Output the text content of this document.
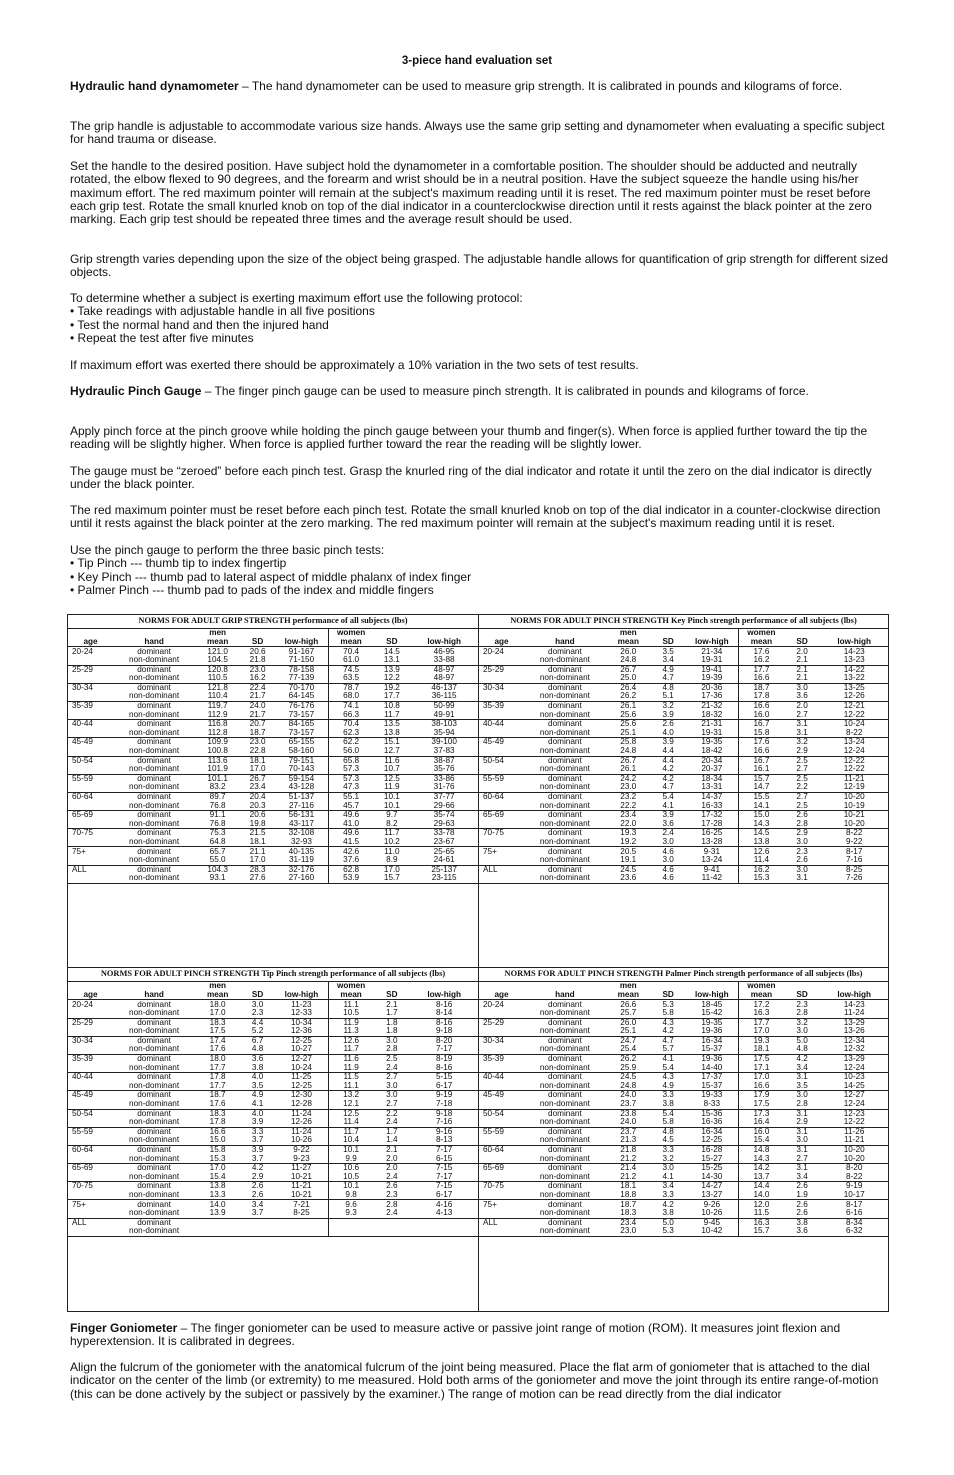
3-piece hand evaluation set

Hydraulic hand dynamometer – The hand dynamometer can be used to measure grip strength. It is calibrated in pounds and kilograms of force.

The grip handle is adjustable to accommodate various size hands. Always use the same grip setting and dynamometer when evaluating a specific subject for hand trauma or disease.

Set the handle to the desired position. Have subject hold the dynamometer in a comfortable position. The shoulder should be adducted and neutrally rotated, the elbow flexed to 90 degrees, and the forearm and wrist should be in a neutral position. Have the subject squeeze the handle using his/her maximum effort. The red maximum pointer will remain at the subject's maximum reading until it is reset. The red maximum pointer must be reset before each grip test. Rotate the small knurled knob on top of the dial indicator in a counterclockwise direction until it rests against the black pointer at the zero marking. Each grip test should be repeated three times and the average result should be used.

Grip strength varies depending upon the size of the object being grasped. The adjustable handle allows for quantification of grip strength for different sized objects.

To determine whether a subject is exerting maximum effort use the following protocol:
• Take readings with adjustable handle in all five positions
• Test the normal hand and then the injured hand
• Repeat the test after five minutes

If maximum effort was exerted there should be approximately a 10% variation in the two sets of test results.

Hydraulic Pinch Gauge – The finger pinch gauge can be used to measure pinch strength. It is calibrated in pounds and kilograms of force.

Apply pinch force at the pinch groove while holding the pinch gauge between your thumb and finger(s). When force is applied further toward the tip the reading will be slightly higher. When force is applied further toward the rear the reading will be slightly lower.

The gauge must be “zeroed” before each pinch test. Grasp the knurled ring of the dial indicator and rotate it until the zero on the dial indicator is directly under the black pointer.

The red maximum pointer must be reset before each pinch test. Rotate the small knurled knob on top of the dial indicator in a counter-clockwise direction until it rests against the black pointer at the zero marking. The red maximum pointer will remain at the subject's maximum reading until it is reset.

Use the pinch gauge to perform the three basic pinch tests:
• Tip Pinch --- thumb tip to index fingertip
• Key Pinch --- thumb pad to lateral aspect of middle phalanx of index finger
• Palmer Pinch --- thumb pad to pads of the index and middle fingers
NORMS FOR ADULT GRIP STRENGTH performance of all subjects (lbs)							
		men			women		
age	hand	mean	SD	low-high	mean	SD	low-high
20-24	dominant	121.0	20.6	91-167	70.4	14.5	46-95
	non-dominant	104.5	21.8	71-150	61.0	13.1	33-88
25-29	dominant	120.8	23.0	78-158	74.5	13.9	48-97
	non-dominant	110.5	16.2	77-139	63.5	12.2	48-97
30-34	dominant	121.8	22.4	70-170	78.7	19.2	46-137
	non-dominant	110.4	21.7	64-145	68.0	17.7	36-115
35-39	dominant	119.7	24.0	76-176	74.1	10.8	50-99
	non-dominant	112.9	21.7	73-157	66.3	11.7	49-91
40-44	dominant	116.8	20.7	84-165	70.4	13.5	38-103
	non-dominant	112.8	18.7	73-157	62.3	13.8	35-94
45-49	dominant	109.9	23.0	65-155	62.2	15.1	39-100
	non-dominant	100.8	22.8	58-160	56.0	12.7	37-83
50-54	dominant	113.6	18.1	79-151	65.8	11.6	38-87
	non-dominant	101.9	17.0	70-143	57.3	10.7	35-76
55-59	dominant	101.1	26.7	59-154	57.3	12.5	33-86
	non-dominant	83.2	23.4	43-128	47.3	11.9	31-76
60-64	dominant	89.7	20.4	51-137	55.1	10.1	37-77
	non-dominant	76.8	20.3	27-116	45.7	10.1	29-66
65-69	dominant	91.1	20.6	56-131	49.6	9.7	35-74
	non-dominant	76.8	19.8	43-117	41.0	8.2	29-63
70-75	dominant	75.3	21.5	32-108	49.6	11.7	33-78
	non-dominant	64.8	18.1	32-93	41.5	10.2	23-67
75+	dominant	65.7	21.1	40-135	42.6	11.0	25-65
	non-dominant	55.0	17.0	31-119	37.6	8.9	24-61
ALL	dominant	104.3	28.3	32-176	62.8	17.0	25-137
	non-dominant	93.1	27.6	27-160	53.9	15.7	23-115
NORMS FOR ADULT PINCH STRENGTH Key Pinch strength performance of all subjects (lbs)							
		men			women		
age	hand	mean	SD	low-high	mean	SD	low-high
20-24	dominant	26.0	3.5	21-34	17.6	2.0	14-23
	non-dominant	24.8	3.4	19-31	16.2	2.1	13-23
25-29	dominant	26.7	4.9	19-41	17.7	2.1	14-22
	non-dominant	25.0	4.7	19-39	16.6	2.1	13-22
30-34	dominant	26.4	4.8	20-36	18.7	3.0	13-25
	non-dominant	26.2	5.1	17-36	17.8	3.6	12-26
35-39	dominant	26.1	3.2	21-32	16.6	2.0	12-21
	non-dominant	25.6	3.9	18-32	16.0	2.7	12-22
40-44	dominant	25.6	2.6	21-31	16.7	3.1	10-24
	non-dominant	25.1	4.0	19-31	15.8	3.1	8-22
45-49	dominant	25.8	3.9	19-35	17.6	3.2	13-24
	non-dominant	24.8	4.4	18-42	16.6	2.9	12-24
50-54	dominant	26.7	4.4	20-34	16.7	2.5	12-22
	non-dominant	26.1	4.2	20-37	16.1	2.7	12-22
55-59	dominant	24.2	4.2	18-34	15.7	2.5	11-21
	non-dominant	23.0	4.7	13-31	14.7	2.2	12-19
60-64	dominant	23.2	5.4	14-37	15.5	2.7	10-20
	non-dominant	22.2	4.1	16-33	14.1	2.5	10-19
65-69	dominant	23.4	3.9	17-32	15.0	2.6	10-21
	non-dominant	22.0	3.6	17-28	14.3	2.8	10-20
70-75	dominant	19.3	2.4	16-25	14.5	2.9	8-22
	non-dominant	19.2	3.0	13-28	13.8	3.0	9-22
75+	dominant	20.5	4.6	9-31	12.6	2.3	8-17
	non-dominant	19.1	3.0	13-24	11.4	2.6	7-16
ALL	dominant	24.5	4.6	9-41	16.2	3.0	8-25
	non-dominant	23.6	4.6	11-42	15.3	3.1	7-26
NORMS FOR ADULT PINCH STRENGTH Tip Pinch strength performance of all subjects (lbs)							
		men			women		
age	hand	mean	SD	low-high	mean	SD	low-high
20-24	dominant	18.0	3.0	11-23	11.1	2.1	8-16
	non-dominant	17.0	2.3	12-33	10.5	1.7	8-14
25-29	dominant	18.3	4.4	10-34	11.9	1.8	8-16
	non-dominant	17.5	5.2	12-36	11.3	1.8	9-18
30-34	dominant	17.4	6.7	12-25	12.6	3.0	8-20
	non-dominant	17.6	4.8	10-27	11.7	2.8	7-17
35-39	dominant	18.0	3.6	12-27	11.6	2.5	8-19
	non-dominant	17.7	3.8	10-24	11.9	2.4	8-16
40-44	dominant	17.8	4.0	11-25	11.5	2.7	5-15
	non-dominant	17.7	3.5	12-25	11.1	3.0	6-17
45-49	dominant	18.7	4.9	12-30	13.2	3.0	9-19
	non-dominant	17.6	4.1	12-28	12.1	2.7	7-18
50-54	dominant	18.3	4.0	11-24	12.5	2.2	9-18
	non-dominant	17.8	3.9	12-26	11.4	2.4	7-16
55-59	dominant	16.6	3.3	11-24	11.7	1.7	9-16
	non-dominant	15.0	3.7	10-26	10.4	1.4	8-13
60-64	dominant	15.8	3.9	9-22	10.1	2.1	7-17
	non-dominant	15.3	3.7	9-23	9.9	2.0	6-15
65-69	dominant	17.0	4.2	11-27	10.6	2.0	7-15
	non-dominant	15.4	2.9	10-21	10.5	2.4	7-17
70-75	dominant	13.8	2.6	11-21	10.1	2.6	7-15
	non-dominant	13.3	2.6	10-21	9.8	2.3	6-17
75+	dominant	14.0	3.4	7-21	9.6	2.8	4-16
	non-dominant	13.9	3.7	8-25	9.3	2.4	4-13
ALL	dominant						
	non-dominant						
NORMS FOR ADULT PINCH STRENGTH Palmer Pinch strength performance of all subjects (lbs)							
		men			women		
age	hand	mean	SD	low-high	mean	SD	low-high
20-24	dominant	26.6	5.3	18-45	17.2	2.3	14-23
	non-dominant	25.7	5.8	15-42	16.3	2.8	11-24
25-29	dominant	26.0	4.3	19-35	17.7	3.2	13-29
	non-dominant	25.1	4.2	19-36	17.0	3.0	13-26
30-34	dominant	24.7	4.7	16-34	19.3	5.0	12-34
	non-dominant	25.4	5.7	15-37	18.1	4.8	12-32
35-39	dominant	26.2	4.1	19-36	17.5	4.2	13-29
	non-dominant	25.9	5.4	14-40	17.1	3.4	12-24
40-44	dominant	24.5	4.3	17-37	17.0	3.1	10-23
	non-dominant	24.8	4.9	15-37	16.6	3.5	14-25
45-49	dominant	24.0	3.3	19-33	17.9	3.0	12-27
	non-dominant	23.7	3.8	8-33	17.5	2.8	12-24
50-54	dominant	23.8	5.4	15-36	17.3	3.1	12-23
	non-dominant	24.0	5.8	16-36	16.4	2.9	12-22
55-59	dominant	23.7	4.8	16-34	16.0	3.1	11-26
	non-dominant	21.3	4.5	12-25	15.4	3.0	11-21
60-64	dominant	21.8	3.3	16-28	14.8	3.1	10-20
	non-dominant	21.2	3.2	15-27	14.3	2.7	10-20
65-69	dominant	21.4	3.0	15-25	14.2	3.1	8-20
	non-dominant	21.2	4.1	14-30	13.7	3.4	8-22
70-75	dominant	18.1	3.4	14-27	14.4	2.6	9-19
	non-dominant	18.8	3.3	13-27	14.0	1.9	10-17
75+	dominant	18.7	4.2	9-26	12.0	2.6	8-17
	non-dominant	18.3	3.8	10-26	11.5	2.6	6-16
ALL	dominant	23.4	5.0	9-45	16.3	3.8	8-34
	non-dominant	23.0	5.3	10-42	15.7	3.6	6-32

Finger Goniometer – The finger goniometer can be used to measure active or passive joint range of motion (ROM). It measures joint flexion and hyperextension. It is calibrated in degrees.

Align the fulcrum of the goniometer with the anatomical fulcrum of the joint being measured. Place the flat arm of goniometer that is attached to the dial indicator on the center of the limb (or extremity) to me measured. Hold both arms of the goniometer and move the joint through its entire range-of-motion (this can be done actively by the subject or passively by the examiner.) The range of motion can be read directly from the dial indicator
